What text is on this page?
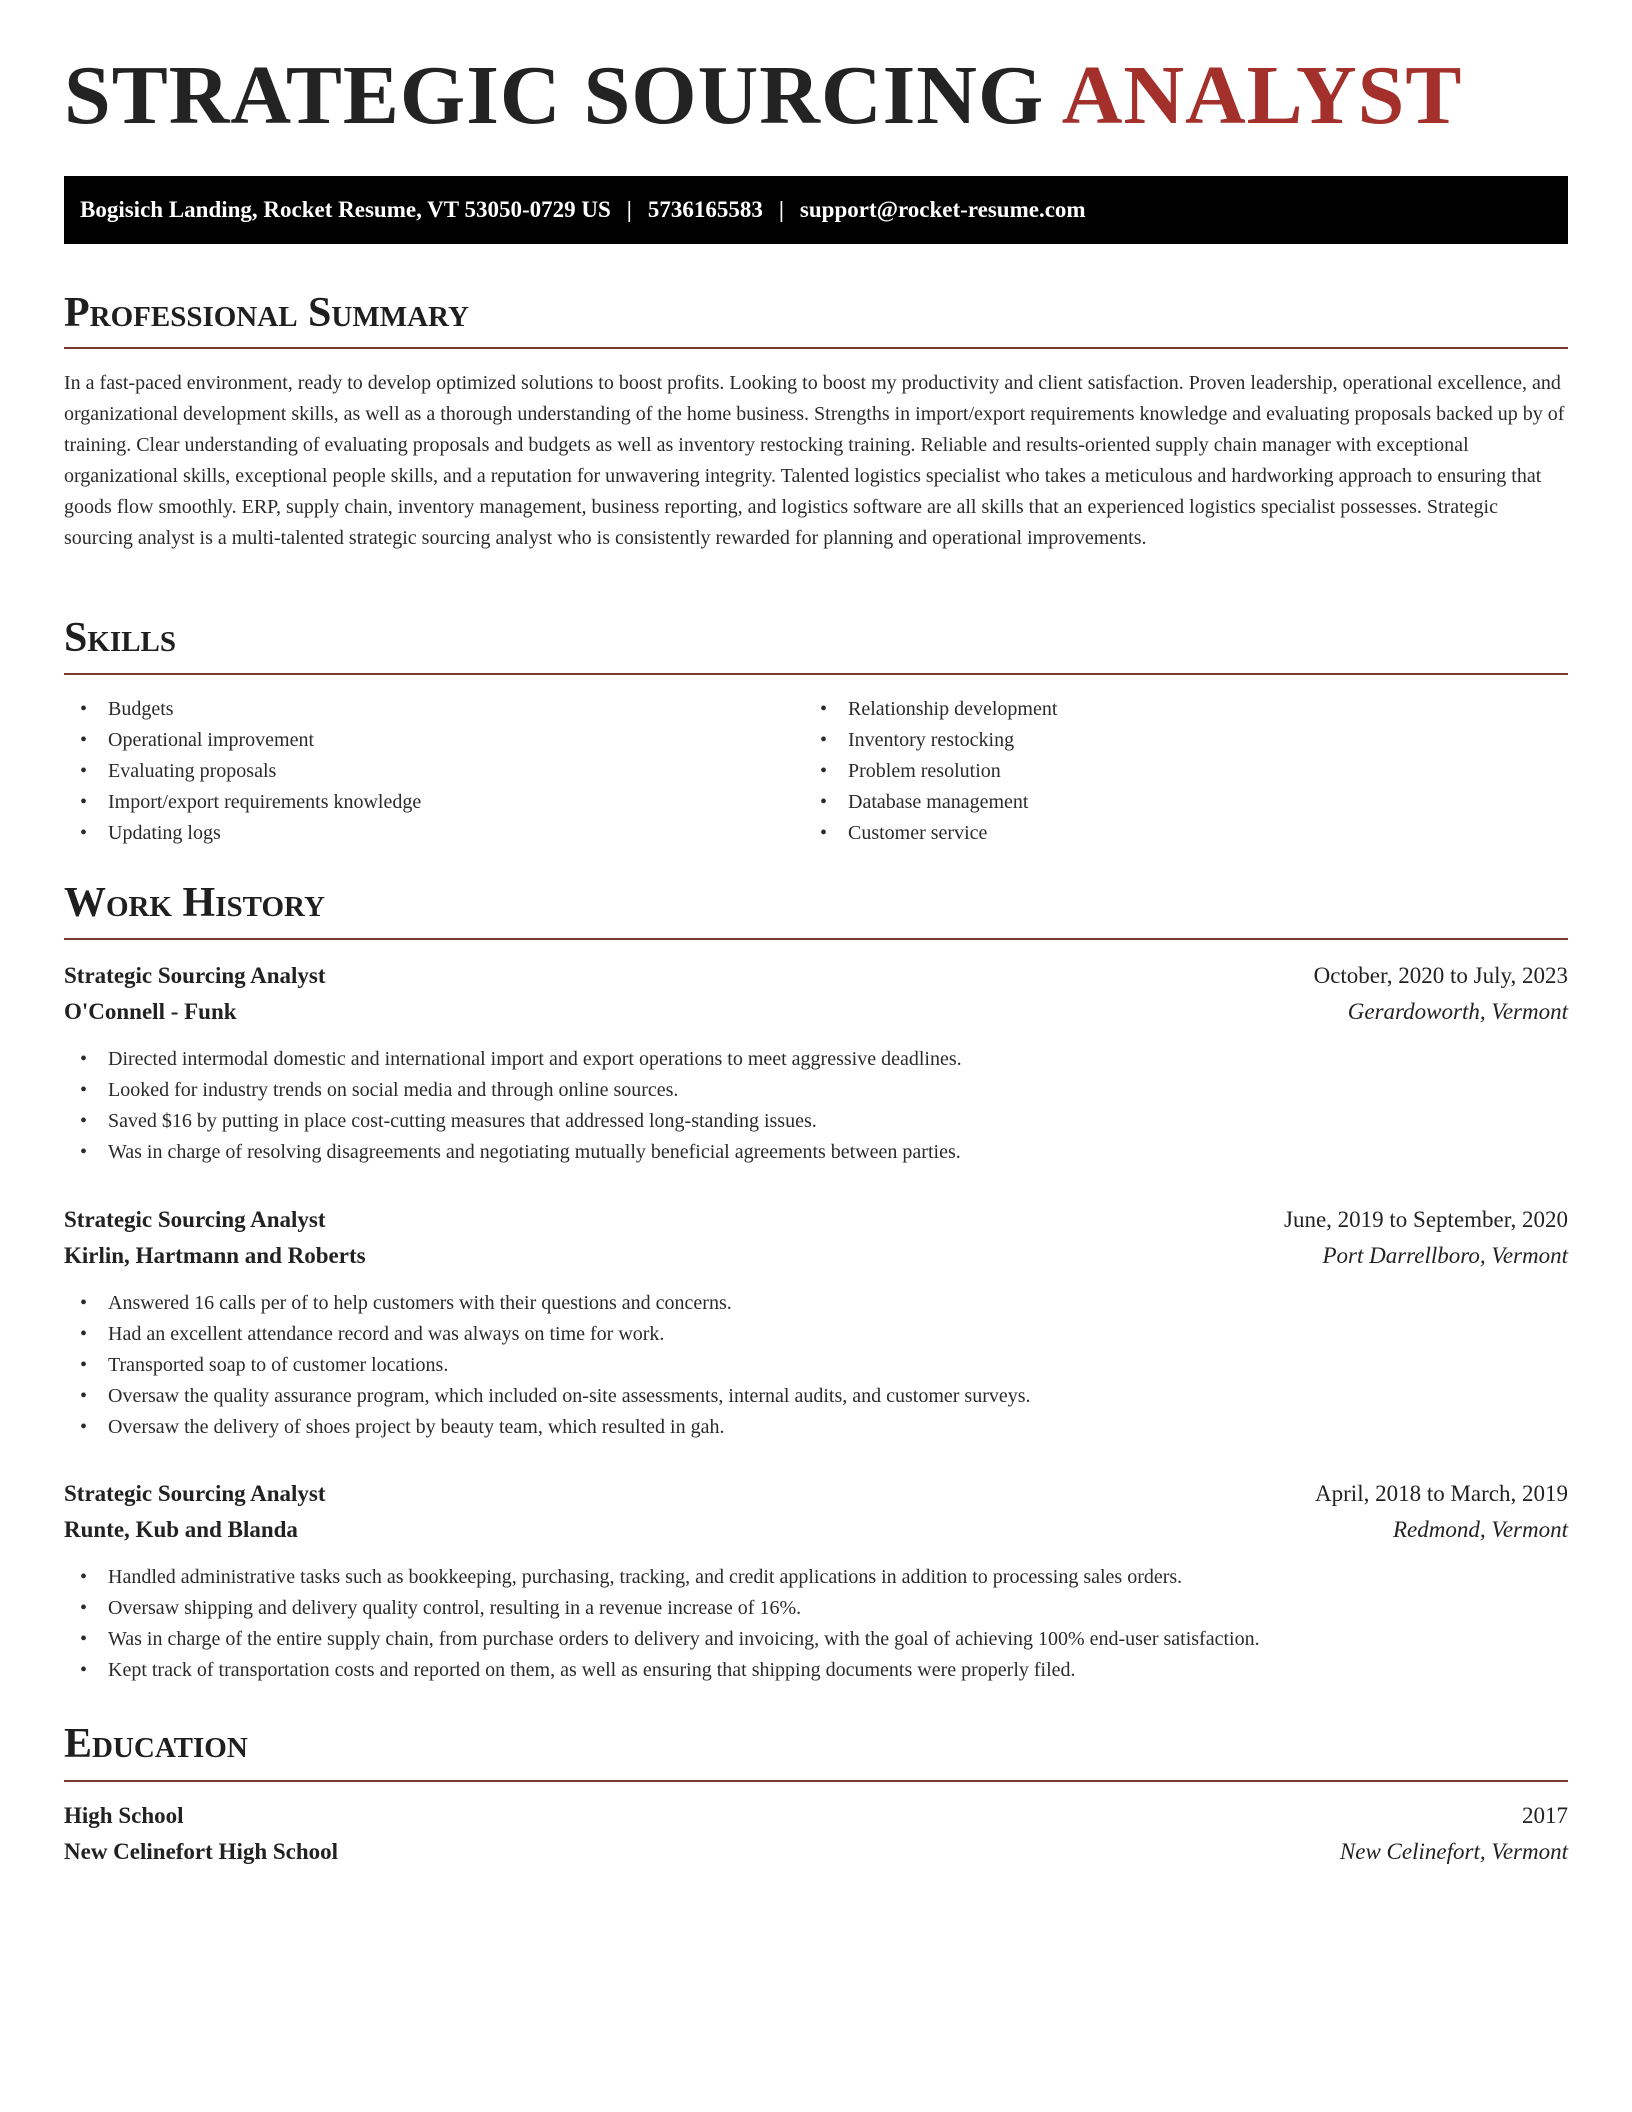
STRATEGIC SOURCING ANALYST
Bogisich Landing, Rocket Resume, VT 53050-0729 US | 5736165583 | support@rocket-resume.com
Professional Summary

In a fast-paced environment, ready to develop optimized solutions to boost profits. Looking to boost my productivity and client satisfaction. Proven leadership, operational excellence, and organizational development skills, as well as a thorough understanding of the home business. Strengths in import/export requirements knowledge and evaluating proposals backed up by of training. Clear understanding of evaluating proposals and budgets as well as inventory restocking training. Reliable and results-oriented supply chain manager with exceptional organizational skills, exceptional people skills, and a reputation for unwavering integrity. Talented logistics specialist who takes a meticulous and hardworking approach to ensuring that goods flow smoothly. ERP, supply chain, inventory management, business reporting, and logistics software are all skills that an experienced logistics specialist possesses. Strategic sourcing analyst is a multi-talented strategic sourcing analyst who is consistently rewarded for planning and operational improvements.

Skills
• Budgets
• Operational improvement
• Evaluating proposals
• Import/export requirements knowledge
• Updating logs
• Relationship development
• Inventory restocking
• Problem resolution
• Database management
• Customer service
Work History
Strategic Sourcing Analyst	October, 2020 to July, 2023
O'Connell - Funk	Gerardoworth, Vermont
• Directed intermodal domestic and international import and export operations to meet aggressive deadlines.
• Looked for industry trends on social media and through online sources.
• Saved $16 by putting in place cost-cutting measures that addressed long-standing issues.
• Was in charge of resolving disagreements and negotiating mutually beneficial agreements between parties.
Strategic Sourcing Analyst	June, 2019 to September, 2020
Kirlin, Hartmann and Roberts	Port Darrellboro, Vermont
• Answered 16 calls per of to help customers with their questions and concerns.
• Had an excellent attendance record and was always on time for work.
• Transported soap to of customer locations.
• Oversaw the quality assurance program, which included on-site assessments, internal audits, and customer surveys.
• Oversaw the delivery of shoes project by beauty team, which resulted in gah.
Strategic Sourcing Analyst	April, 2018 to March, 2019
Runte, Kub and Blanda	Redmond, Vermont
• Handled administrative tasks such as bookkeeping, purchasing, tracking, and credit applications in addition to processing sales orders.
• Oversaw shipping and delivery quality control, resulting in a revenue increase of 16%.
• Was in charge of the entire supply chain, from purchase orders to delivery and invoicing, with the goal of achieving 100% end-user satisfaction.
• Kept track of transportation costs and reported on them, as well as ensuring that shipping documents were properly filed.
Education
High School	2017
New Celinefort High School	New Celinefort, Vermont
